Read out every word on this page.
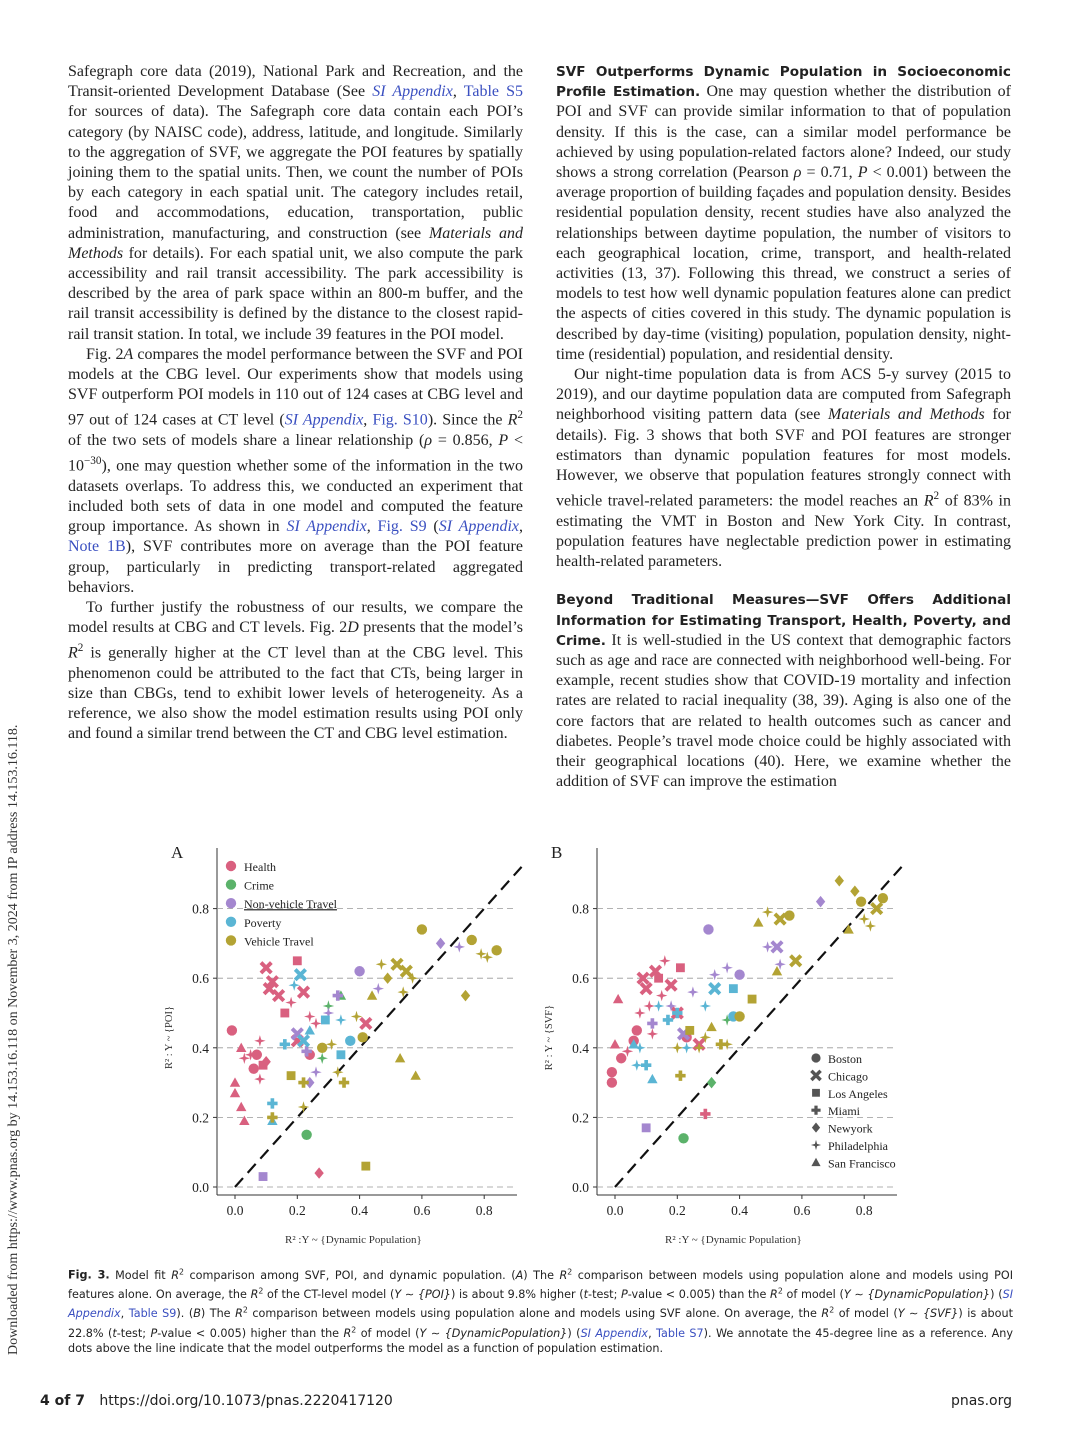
Downloaded from https://www.pnas.org by 14.153.16.118 on November 3, 2024 from IP address 14.153.16.118.

Safegraph core data (2019), National Park and Recreation, and the Transit-oriented Development Database (See SI Appendix, Table S5 for sources of data). The Safegraph core data contain each POI’s category (by NAISC code), address, latitude, and longitude. Similarly to the aggregation of SVF, we aggregate the POI features by spatially joining them to the spatial units. Then, we count the number of POIs by each category in each spatial unit. The category includes retail, food and accommodations, education, transportation, public administration, manufacturing, and construction (see Materials and Methods for details). For each spatial unit, we also compute the park accessibility and rail transit accessibility. The park accessibility is described by the area of park space within an 800-m buffer, and the rail transit accessibility is defined by the distance to the closest rapid-rail transit station. In total, we include 39 features in the POI model.

Fig. 2A compares the model performance between the SVF and POI models at the CBG level. Our experiments show that models using SVF outperform POI models in 110 out of 124 cases at CBG level and 97 out of 124 cases at CT level (SI Appendix, Fig. S10). Since the $R^2$ of the two sets of models share a linear relationship (ρ = 0.856, $P < 10^{-30}$), one may question whether some of the information in the two datasets overlaps. To address this, we conducted an experiment that included both sets of data in one model and computed the feature group importance. As shown in SI Appendix, Fig. S9 (SI Appendix, Note 1B), SVF contributes more on average than the POI feature group, particularly in predicting transport-related aggregated behaviors.

To further justify the robustness of our results, we compare the model results at CBG and CT levels. Fig. 2D presents that the model’s $R^2$ is generally higher at the CT level than at the CBG level. This phenomenon could be attributed to the fact that CTs, being larger in size than CBGs, tend to exhibit lower levels of heterogeneity. As a reference, we also show the model estimation results using POI only and found a similar trend between the CT and CBG level estimation.

SVF Outperforms Dynamic Population in Socioeconomic Profile Estimation. One may question whether the distribution of POI and SVF can provide similar information to that of population density. If this is the case, can a similar model performance be achieved by using population-related factors alone? Indeed, our study shows a strong correlation (Pearson ρ = 0.71, P < 0.001) between the average proportion of building façades and population density. Besides residential population density, recent studies have also analyzed the relationships between daytime population, the number of visitors to each geographical location, crime, transport, and health-related activities (13, 37). Following this thread, we construct a series of models to test how well dynamic population features alone can predict the aspects of cities covered in this study. The dynamic population is described by day-time (visiting) population, population density, night-time (residential) population, and residential density.

Our night-time population data is from ACS 5-y survey (2015 to 2019), and our daytime population data are computed from Safegraph neighborhood visiting pattern data (see Materials and Methods for details). Fig. 3 shows that both SVF and POI features are stronger estimators than dynamic population features for most models. However, we observe that population features strongly connect with vehicle travel-related parameters: the model reaches an $R^2$ of 83% in estimating the VMT in Boston and New York City. In contrast, population features have neglectable prediction power in estimating health-related parameters.

Beyond Traditional Measures—SVF Offers Additional Information for Estimating Transport, Health, Poverty, and Crime. It is well-studied in the US context that demographic factors such as age and race are connected with neighborhood well-being. For example, recent studies show that COVID-19 mortality and infection rates are related to racial inequality (38, 39). Aging is also one of the core factors that are related to health outcomes such as cancer and diabetes. People’s travel mode choice could be highly associated with their geographical locations (40). Here, we examine whether the addition of SVF can improve the estimation

A
0.0
0.0
0.2
0.2
0.4
0.4
0.6
0.6
0.8
0.8
R² : Y ~ {POI}
R² :Y ~ {Dynamic Population}
Health
Crime
Non-vehicle Travel
Poverty
Vehicle Travel
B
0.0
0.0
0.2
0.2
0.4
0.4
0.6
0.6
0.8
0.8
R² : Y ~ {SVF}
R² :Y ~ {Dynamic Population}
Boston
Chicago
Los Angeles
Miami
Newyork
Philadelphia
San Francisco
Fig. 3. Model fit $R^2$ comparison among SVF, POI, and dynamic population. (A) The $R^2$ comparison between models using population alone and models using POI features alone. On average, the $R^2$ of the CT-level model (Y ∼ {POI}) is about 9.8% higher (t-test; P-value < 0.005) than the $R^2$ of model (Y ∼ {DynamicPopulation}) (SI Appendix, Table S9). (B) The $R^2$ comparison between models using population alone and models using SVF alone. On average, the $R^2$ of model (Y ∼ {SVF}) is about 22.8% (t-test; P-value < 0.005) higher than the $R^2$ of model (Y ∼ {DynamicPopulation}) (SI Appendix, Table S7). We annotate the 45-degree line as a reference. Any dots above the line indicate that the model outperforms the model as a function of population estimation.
4 of 7 https://doi.org/10.1073/pnas.2220417120	pnas.org
